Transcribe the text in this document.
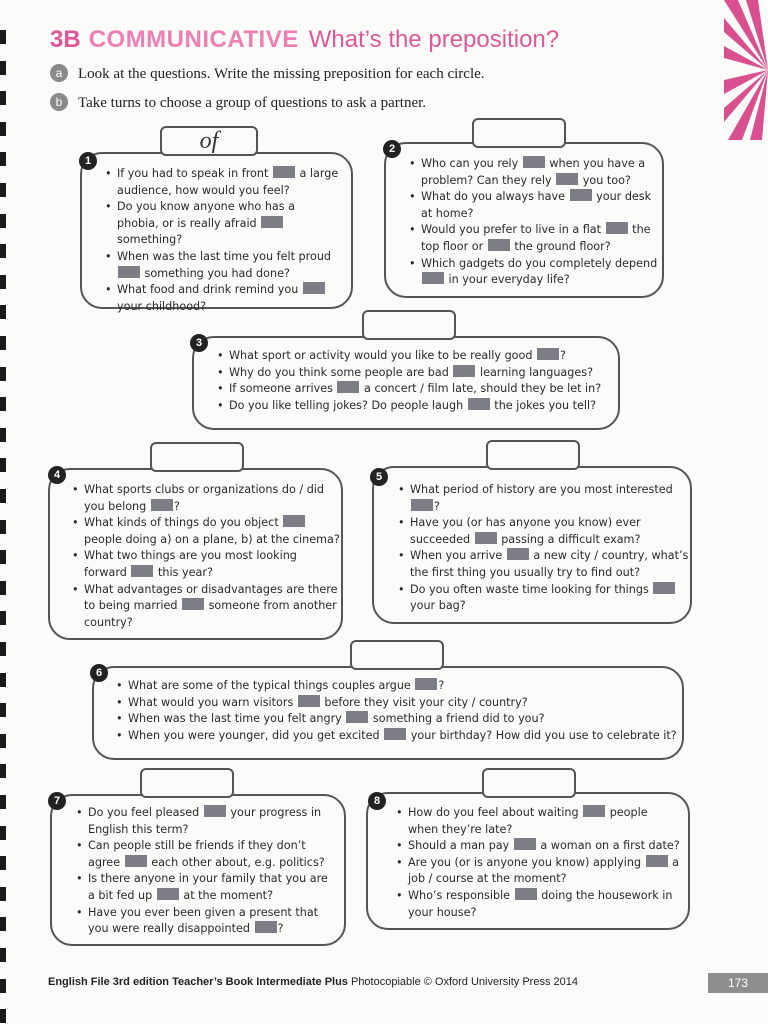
3B COMMUNICATIVE What’s the preposition?
a Look at the questions. Write the missing preposition for each circle.
b Take turns to choose a group of questions to ask a partner.
of
1
• If you had to speak in front  a large audience, how would you feel?
• Do you know anyone who has a phobia, or is really afraid  something?
• When was the last time you felt proud  something you had done?
• What food and drink remind you  your childhood?
2
• Who can you rely  when you have a problem? Can they rely  you too?
• What do you always have  your desk at home?
• Would you prefer to live in a flat  the top floor or  the ground floor?
• Which gadgets do you completely depend  in your everyday life?
3
• What sport or activity would you like to be really good ?
• Why do you think some people are bad  learning languages?
• If someone arrives  a concert / film late, should they be let in?
• Do you like telling jokes? Do people laugh  the jokes you tell?
4
• What sports clubs or organizations do / did you belong ?
• What kinds of things do you object  people doing a) on a plane, b) at the cinema?
• What two things are you most looking forward  this year?
• What advantages or disadvantages are there to being married  someone from another country?
5
• What period of history are you most interested ?
• Have you (or has anyone you know) ever succeeded  passing a difficult exam?
• When you arrive  a new city / country, what’s the first thing you usually try to find out?
• Do you often waste time looking for things  your bag?
6
• What are some of the typical things couples argue ?
• What would you warn visitors  before they visit your city / country?
• When was the last time you felt angry  something a friend did to you?
• When you were younger, did you get excited  your birthday? How did you use to celebrate it?
7
• Do you feel pleased  your progress in English this term?
• Can people still be friends if they don’t agree  each other about, e.g. politics?
• Is there anyone in your family that you are a bit fed up  at the moment?
• Have you ever been given a present that you were really disappointed ?
8
• How do you feel about waiting  people when they’re late?
• Should a man pay  a woman on a first date?
• Are you (or is anyone you know) applying  a job / course at the moment?
• Who’s responsible  doing the housework in your house?
English File 3rd edition Teacher’s Book Intermediate Plus Photocopiable © Oxford University Press 2014	173
